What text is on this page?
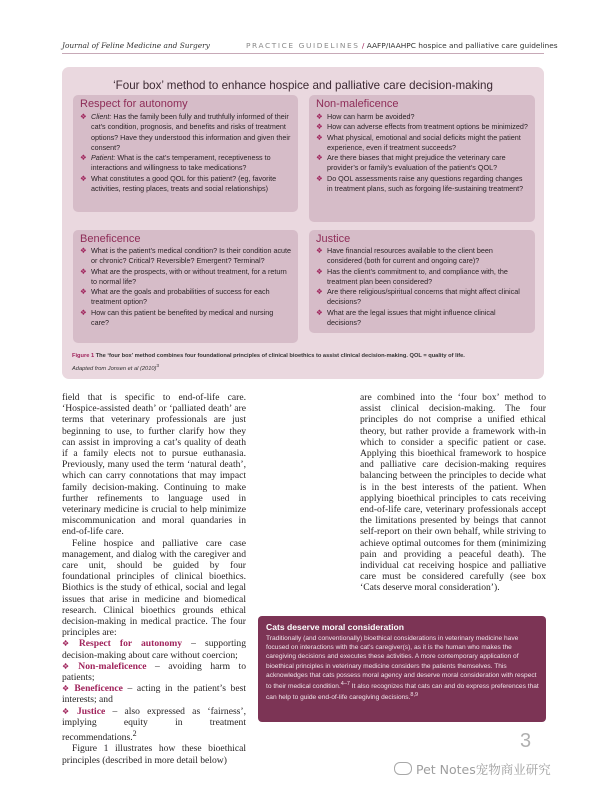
Journal of Feline Medicine and Surgery	PRACTICE GUIDELINES / AAFP/IAAHPC hospice and palliative care guidelines
‘Four box’ method to enhance hospice and palliative care decision-making
Respect for autonomy
❖ Client: Has the family been fully and truthfully informed of their cat’s condition, prognosis, and benefits and risks of treatment options? Have they understood this information and given their consent?
❖ Patient: What is the cat’s temperament, receptiveness to interactions and willingness to take medications?
❖ What constitutes a good QOL for this patient? (eg, favorite activities, resting places, treats and social relationships)
Non-maleficence
❖ How can harm be avoided?
❖ How can adverse effects from treatment options be minimized?
❖ What physical, emotional and social deficits might the patient experience, even if treatment succeeds?
❖ Are there biases that might prejudice the veterinary care provider’s or family’s evaluation of the patient’s QOL?
❖ Do QOL assessments raise any questions regarding changes in treatment plans, such as forgoing life-sustaining treatment?
Beneficence
❖ What is the patient’s medical condition? Is their condition acute or chronic? Critical? Reversible? Emergent? Terminal?
❖ What are the prospects, with or without treatment, for a return to normal life?
❖ What are the goals and probabilities of success for each treatment option?
❖ How can this patient be benefited by medical and nursing care?
Justice
❖ Have financial resources available to the client been considered (both for current and ongoing care)?
❖ Has the client’s commitment to, and compliance with, the treatment plan been considered?
❖ Are there religious/spiritual concerns that might affect clinical decisions?
❖ What are the legal issues that might influence clinical decisions?
Figure 1 The ‘four box’ method combines four foundational principles of clinical bioethics to assist clinical decision-making. QOL = quality of life.
Adapted from Jonsen et al $(2010)^3$

field that is specific to end-of-life care. ‘Hospice-assisted death’ or ‘palliated death’ are terms that veterinary professionals are just beginning to use, to further clarify how they can assist in improving a cat’s quality of death if a family elects not to pursue euthanasia. Previously, many used the term ‘natural death’, which can carry connotations that may impact family decision-making. Continuing to make further refinements to language used in veterinary medicine is crucial to help minimize miscommunication and moral quandaries in end-of-life care.

Feline hospice and palliative care case management, and dialog with the caregiver and care unit, should be guided by four foundational principles of clinical bioethics. Biothics is the study of ethical, social and legal issues that arise in medicine and biomedical research. Clinical bioethics grounds ethical decision-making in medical practice. The four principles are:

❖ Respect for autonomy – supporting decision-making about care without coercion;
❖ Non-maleficence – avoiding harm to patients;
❖ Beneficence – acting in the patient’s best interests; and
❖ Justice – also expressed as ‘fairness’, implying equity in treatment recommendations.$^2$

Figure 1 illustrates how these bioethical principles (described in more detail below)

are combined into the ‘four box’ method to assist clinical decision-making. The four principles do not comprise a unified ethical theory, but rather provide a framework with-in which to consider a specific patient or case. Applying this bioethical framework to hospice and palliative care decision-making requires balancing between the principles to decide what is in the best interests of the patient. When applying bioethical principles to cats receiving end-of-life care, veterinary professionals accept the limitations presented by beings that cannot self-report on their own behalf, while striving to achieve optimal outcomes for them (minimizing pain and providing a peaceful death). The individual cat receiving hospice and palliative care must be considered carefully (see box ‘Cats deserve moral consideration’).

Cats deserve moral consideration
Traditionally (and conventionally) bioethical considerations in veterinary medicine have focused on interactions with the cat’s caregiver(s), as it is the human who makes the caregiving decisions and executes these activities. A more contemporary application of bioethical principles in veterinary medicine considers the patients themselves. This acknowledges that cats possess moral agency and deserve moral consideration with respect to their medical condition.$^{4-7}$ It also recognizes that cats can and do express preferences that can help to guide end-of-life caregiving decisions.$^{8,9}$
3
Pet Notes宠物商业研究
